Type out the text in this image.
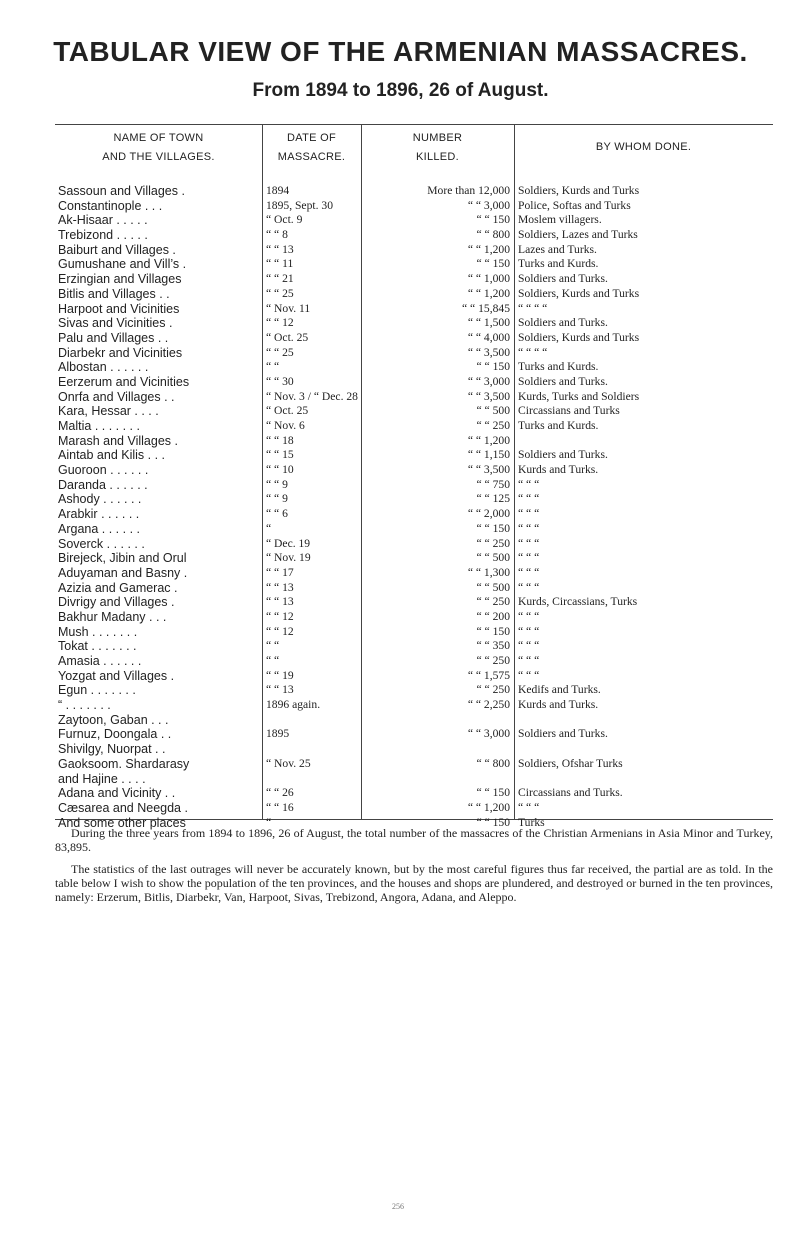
TABULAR VIEW OF THE ARMENIAN MASSACRES.
From 1894 to 1896, 26 of August.
NAME OF TOWN
AND THE VILLAGES.
DATE OF
MASSACRE.
NUMBER
KILLED.
BY WHOM DONE.
Sassoun and Villages .
Constantinople . . .
Ak-Hisaar . . . . .
Trebizond . . . . .
Baiburt and Villages .
Gumushane and Vill’s .
Erzingian and Villages
Bitlis and Villages . .
Harpoot and Vicinities
Sivas and Vicinities .
Palu and Villages . .
Diarbekr and Vicinities
Albostan . . . . . .
Eerzerum and Vicinities
Onrfa and Villages . .
Kara, Hessar . . . .
Maltia . . . . . . .
Marash and Villages .
Aintab and Kilis . . .
Guoroon . . . . . .
Daranda . . . . . .
Ashody . . . . . .
Arabkir . . . . . .
Argana . . . . . .
Soverck . . . . . .
Birejeck, Jibin and Orul
Aduyaman and Basny .
Azizia and Gamerac .
Divrigy and Villages .
Bakhur Madany . . .
Mush . . . . . . .
Tokat . . . . . . .
Amasia . . . . . .
Yozgat and Villages .
Egun . . . . . . .
“ . . . . . . .
Zaytoon, Gaban . . .
Furnuz, Doongala . .
Shivilgy, Nuorpat . .
Gaoksoom. Shardarasy
and Hajine . . . .
Adana and Vicinity . .
Cæsarea and Neegda .
And some other places
1894
1895, Sept. 30
“ Oct. 9
“ “ 8
“ “ 13
“ “ 11
“ “ 21
“ “ 25
“ Nov. 11
“ “ 12
“ Oct. 25
“ “ 25
“ “
“ “ 30
“ Nov. 3 / “ Dec. 28
“ Oct. 25
“ Nov. 6
“ “ 18
“ “ 15
“ “ 10
“ “ 9
“ “ 9
“ “ 6
“
“ Dec. 19
“ Nov. 19
“ “ 17
“ “ 13
“ “ 13
“ “ 12
“ “ 12
“ “
“ “
“ “ 19
“ “ 13
1896 again.
1895
“ Nov. 25
“ “ 26
“ “ 16
“
More than 12,000
“ “ 3,000
“ “ 150
“ “ 800
“ “ 1,200
“ “ 150
“ “ 1,000
“ “ 1,200
“ “ 15,845
“ “ 1,500
“ “ 4,000
“ “ 3,500
“ “ 150
“ “ 3,000
“ “ 3,500
“ “ 500
“ “ 250
“ “ 1,200
“ “ 1,150
“ “ 3,500
“ “ 750
“ “ 125
“ “ 2,000
“ “ 150
“ “ 250
“ “ 500
“ “ 1,300
“ “ 500
“ “ 250
“ “ 200
“ “ 150
“ “ 350
“ “ 250
“ “ 1,575
“ “ 250
“ “ 2,250
“ “ 3,000
“ “ 800
“ “ 150
“ “ 1,200
“ “ 150
Soldiers, Kurds and Turks
Police, Softas and Turks
Moslem villagers.
Soldiers, Lazes and Turks
Lazes and Turks.
Turks and Kurds.
Soldiers and Turks.
Soldiers, Kurds and Turks
“ “ “ “
Soldiers and Turks.
Soldiers, Kurds and Turks
“ “ “ “
Turks and Kurds.
Soldiers and Turks.
Kurds, Turks and Soldiers
Circassians and Turks
Turks and Kurds.
Soldiers and Turks.
Kurds and Turks.
“ “ “
“ “ “
“ “ “
“ “ “
“ “ “
“ “ “
“ “ “
“ “ “
Kurds, Circassians, Turks
“ “ “
“ “ “
“ “ “
“ “ “
“ “ “
Kedifs and Turks.
Kurds and Turks.
Soldiers and Turks.
Soldiers, Ofshar Turks
Circassians and Turks.
“ “ “
Turks

During the three years from 1894 to 1896, 26 of August, the total number of the massacres of the Christian Armenians in Asia Minor and Turkey, 83,895.

The statistics of the last outrages will never be accurately known, but by the most careful figures thus far received, the partial are as told. In the table below I wish to show the population of the ten provinces, and the houses and shops are plundered, and destroyed or burned in the ten provinces, namely: Erzerum, Bitlis, Diarbekr, Van, Harpoot, Sivas, Trebizond, Angora, Adana, and Aleppo.

256
